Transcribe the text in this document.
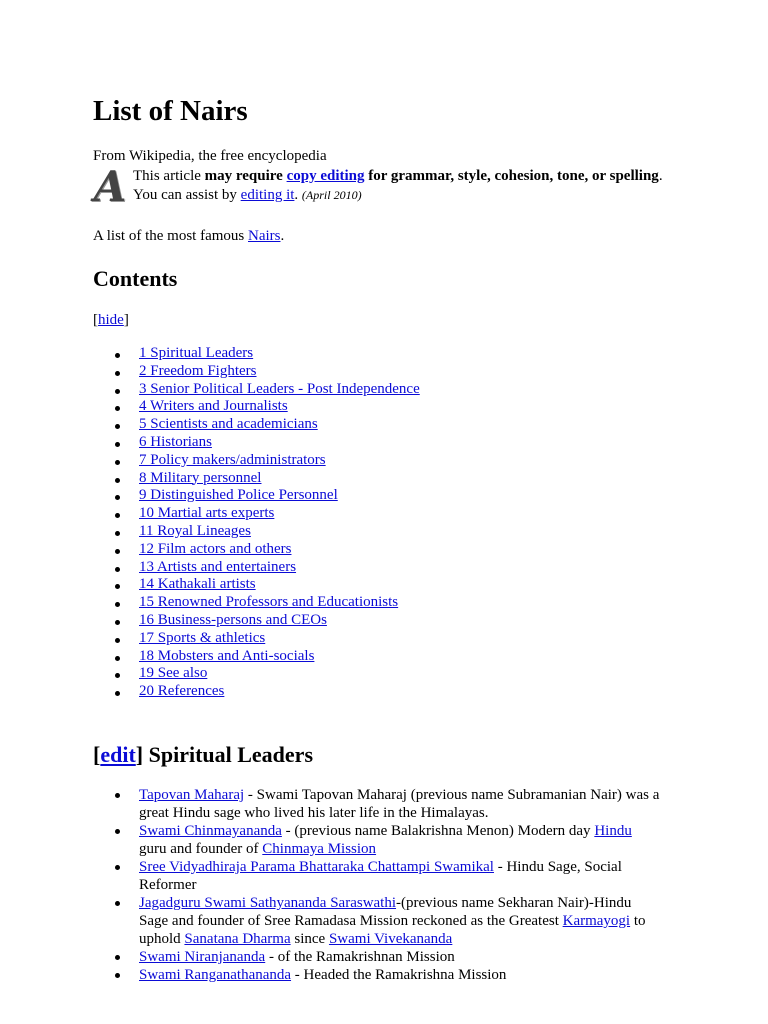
List of Nairs
From Wikipedia, the free encyclopedia
A This article may require copy editing for grammar, style, cohesion, tone, or spelling. You can assist by editing it. (April 2010)
A list of the most famous Nairs.
Contents
[hide]
1 Spiritual Leaders
2 Freedom Fighters
3 Senior Political Leaders - Post Independence
4 Writers and Journalists
5 Scientists and academicians
6 Historians
7 Policy makers/administrators
8 Military personnel
9 Distinguished Police Personnel
10 Martial arts experts
11 Royal Lineages
12 Film actors and others
13 Artists and entertainers
14 Kathakali artists
15 Renowned Professors and Educationists
16 Business-persons and CEOs
17 Sports & athletics
18 Mobsters and Anti-socials
19 See also
20 References
[edit] Spiritual Leaders
Tapovan Maharaj - Swami Tapovan Maharaj (previous name Subramanian Nair) was a great Hindu sage who lived his later life in the Himalayas.
Swami Chinmayananda - (previous name Balakrishna Menon) Modern day Hindu guru and founder of Chinmaya Mission
Sree Vidyadhiraja Parama Bhattaraka Chattampi Swamikal - Hindu Sage, Social Reformer
Jagadguru Swami Sathyananda Saraswathi-(previous name Sekharan Nair)-Hindu Sage and founder of Sree Ramadasa Mission reckoned as the Greatest Karmayogi to uphold Sanatana Dharma since Swami Vivekananda
Swami Niranjananda - of the Ramakrishnan Mission
Swami Ranganathananda - Headed the Ramakrishna Mission
